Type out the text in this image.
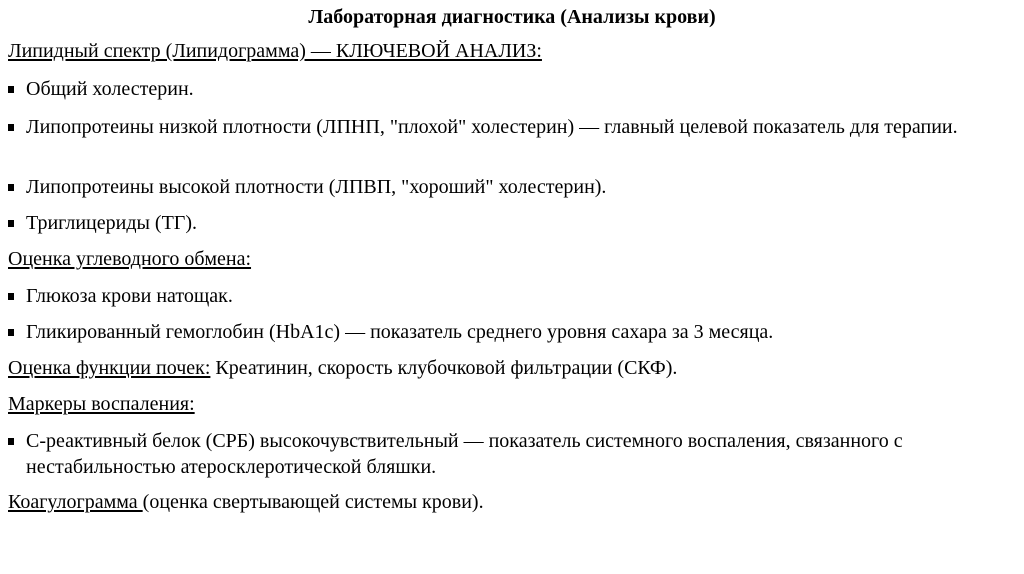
Лабораторная диагностика (Анализы крови)
Липидный спектр (Липидограмма) — КЛЮЧЕВОЙ АНАЛИЗ:
Общий холестерин.
Липопротеины низкой плотности (ЛПНП, "плохой" холестерин) — главный целевой показатель для терапии.
Липопротеины высокой плотности (ЛПВП, "хороший" холестерин).
Триглицериды (ТГ).
Оценка углеводного обмена:
Глюкоза крови натощак.
Гликированный гемоглобин (HbA1c) — показатель среднего уровня сахара за 3 месяца.
Оценка функции почек: Креатинин, скорость клубочковой фильтрации (СКФ).
Маркеры воспаления:
С-реактивный белок (СРБ) высокочувствительный — показатель системного воспаления, связанного с нестабильностью атеросклеротической бляшки.
Коагулограмма (оценка свертывающей системы крови).
